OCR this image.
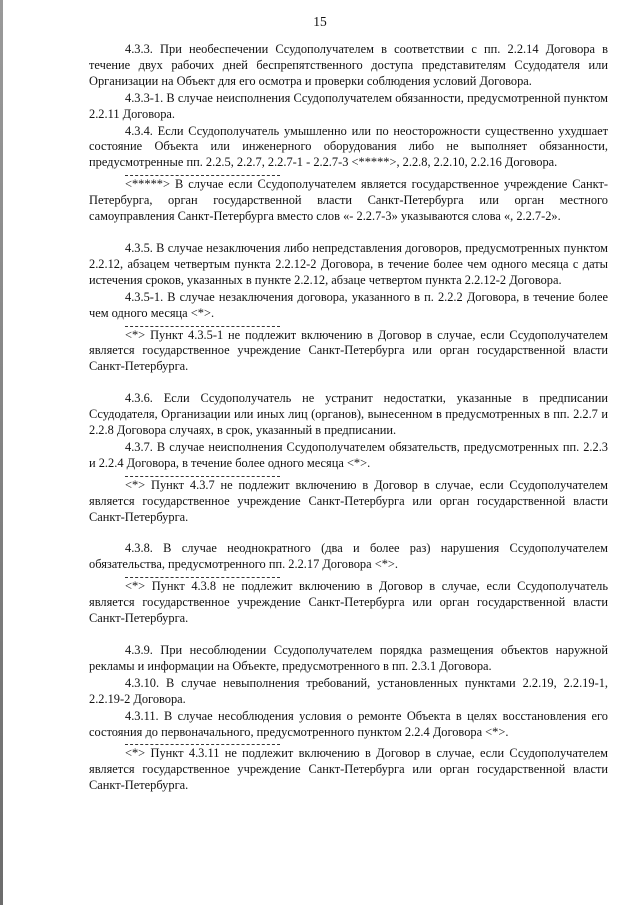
15

4.3.3. При необеспечении Ссудополучателем в соответствии с пп. 2.2.14 Договора в течение двух рабочих дней беспрепятственного доступа представителям Ссудодателя или Организации на Объект для его осмотра и проверки соблюдения условий Договора.

4.3.3-1. В случае неисполнения Ссудополучателем обязанности, предусмотренной пунктом 2.2.11 Договора.

4.3.4. Если Ссудополучатель умышленно или по неосторожности существенно ухудшает состояние Объекта или инженерного оборудования либо не выполняет обязанности, предусмотренные пп. 2.2.5, 2.2.7, 2.2.7-1 - 2.2.7-3 <*****>, 2.2.8, 2.2.10, 2.2.16 Договора.

<*****> В случае если Ссудополучателем является государственное учреждение Санкт-Петербурга, орган государственной власти Санкт-Петербурга или орган местного самоуправления Санкт-Петербурга вместо слов «- 2.2.7-3» указываются слова «, 2.2.7-2».

4.3.5. В случае незаключения либо непредставления договоров, предусмотренных пунктом 2.2.12, абзацем четвертым пункта 2.2.12-2 Договора, в течение более чем одного месяца с даты истечения сроков, указанных в пункте 2.2.12, абзаце четвертом пункта 2.2.12-2 Договора.

4.3.5-1. В случае незаключения договора, указанного в п. 2.2.2 Договора, в течение более чем одного месяца <*>.

<*> Пункт 4.3.5-1 не подлежит включению в Договор в случае, если Ссудополучателем является государственное учреждение Санкт-Петербурга или орган государственной власти Санкт-Петербурга.

4.3.6. Если Ссудополучатель не устранит недостатки, указанные в предписании Ссудодателя, Организации или иных лиц (органов), вынесенном в предусмотренных в пп. 2.2.7 и 2.2.8 Договора случаях, в срок, указанный в предписании.

4.3.7. В случае неисполнения Ссудополучателем обязательств, предусмотренных пп. 2.2.3 и 2.2.4 Договора, в течение более одного месяца <*>.

<*> Пункт 4.3.7 не подлежит включению в Договор в случае, если Ссудополучателем является государственное учреждение Санкт-Петербурга или орган государственной власти Санкт-Петербурга.

4.3.8. В случае неоднократного (два и более раз) нарушения Ссудополучателем обязательства, предусмотренного пп. 2.2.17 Договора <*>.

<*> Пункт 4.3.8 не подлежит включению в Договор в случае, если Ссудополучатель является государственное учреждение Санкт-Петербурга или орган государственной власти Санкт-Петербурга.

4.3.9. При несоблюдении Ссудополучателем порядка размещения объектов наружной рекламы и информации на Объекте, предусмотренного в пп. 2.3.1 Договора.

4.3.10. В случае невыполнения требований, установленных пунктами 2.2.19, 2.2.19-1, 2.2.19-2 Договора.

4.3.11. В случае несоблюдения условия о ремонте Объекта в целях восстановления его состояния до первоначального, предусмотренного пунктом 2.2.4 Договора <*>.

<*> Пункт 4.3.11 не подлежит включению в Договор в случае, если Ссудополучателем является государственное учреждение Санкт-Петербурга или орган государственной власти Санкт-Петербурга.
